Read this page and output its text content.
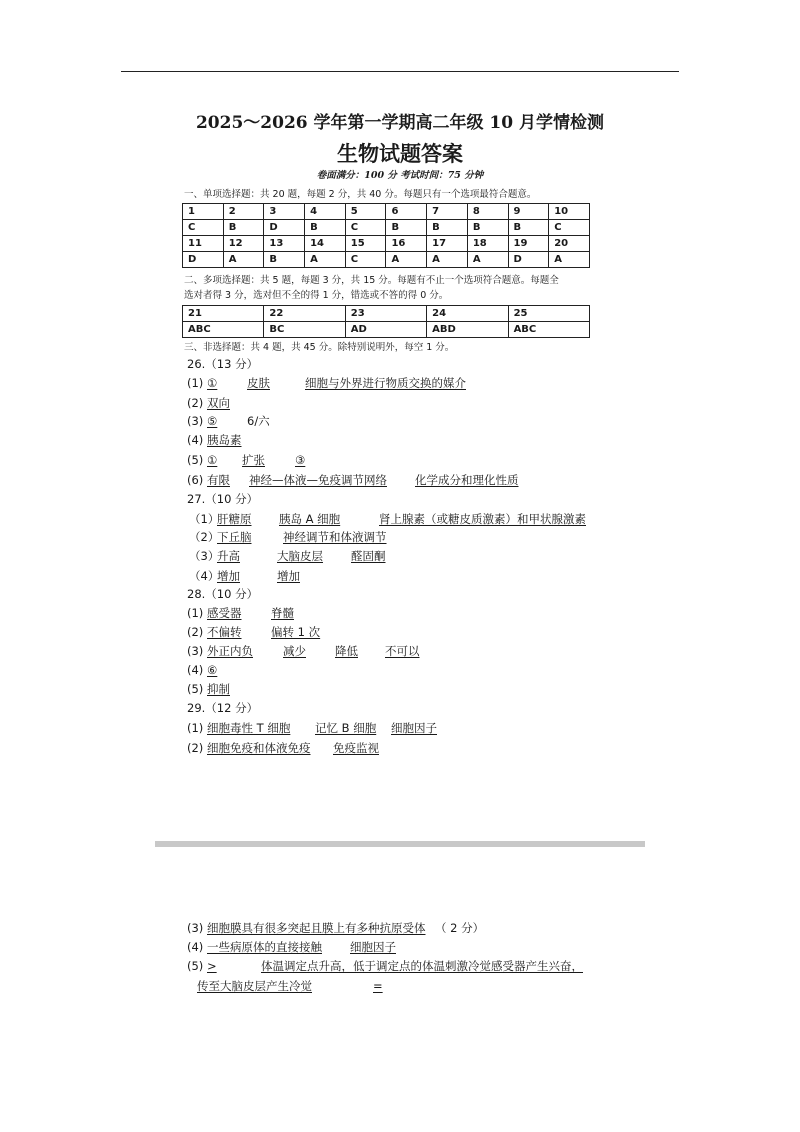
2025～2026 学年第一学期高二年级 10 月学情检测
生物试题答案
卷面满分：100 分 考试时间：75 分钟
一、单项选择题：共 20 题，每题 2 分，共 40 分。每题只有一个选项最符合题意。
1	2	3	4	5	6	7	8	9	10
C	B	D	B	C	B	B	B	B	C
11	12	13	14	15	16	17	18	19	20
D	A	B	A	C	A	A	A	D	A
二、多项选择题：共 5 题，每题 3 分，共 15 分。每题有不止一个选项符合题意。每题全
选对者得 3 分，选对但不全的得 1 分，错选或不答的得 0 分。
21	22	23	24	25
ABC	BC	AD	ABD	ABC
三、非选择题：共 4 题，共 45 分。除特别说明外，每空 1 分。
26.（13 分）
(1) ①	皮肤	细胞与外界进行物质交换的媒介
(2) 双向
(3) ⑤	6/六
(4) 胰岛素
(5) ① 扩张	③
(6) 有限 神经—体液—免疫调节网络 化学成分和理化性质
27.（10 分）
（1）
肝糖原 胰岛 A 细胞	肾上腺素（或糖皮质激素）和甲状腺激素
（2）
下丘脑	神经调节和体液调节
（3）
升高	大脑皮层 醛固酮
（4）
增加	增加
28.（10 分）
(1) 感受器	脊髓
(2) 不偏转	偏转 1 次
(3) 外正内负	减少	降低 不可以
(4) ⑥
(5) 抑制
29.（12 分）
(1) 细胞毒性 T 细胞 记忆 B 细胞 细胞因子
(2) 细胞免疫和体液免疫 免疫监视
(3) 细胞膜具有很多突起且膜上有多种抗原受体 （ 2 分）
(4) 一些病原体的直接接触 细胞因子
(5) >	体温调定点升高，低于调定点的体温刺激冷觉感受器产生兴奋，
传至大脑皮层产生冷觉	=
